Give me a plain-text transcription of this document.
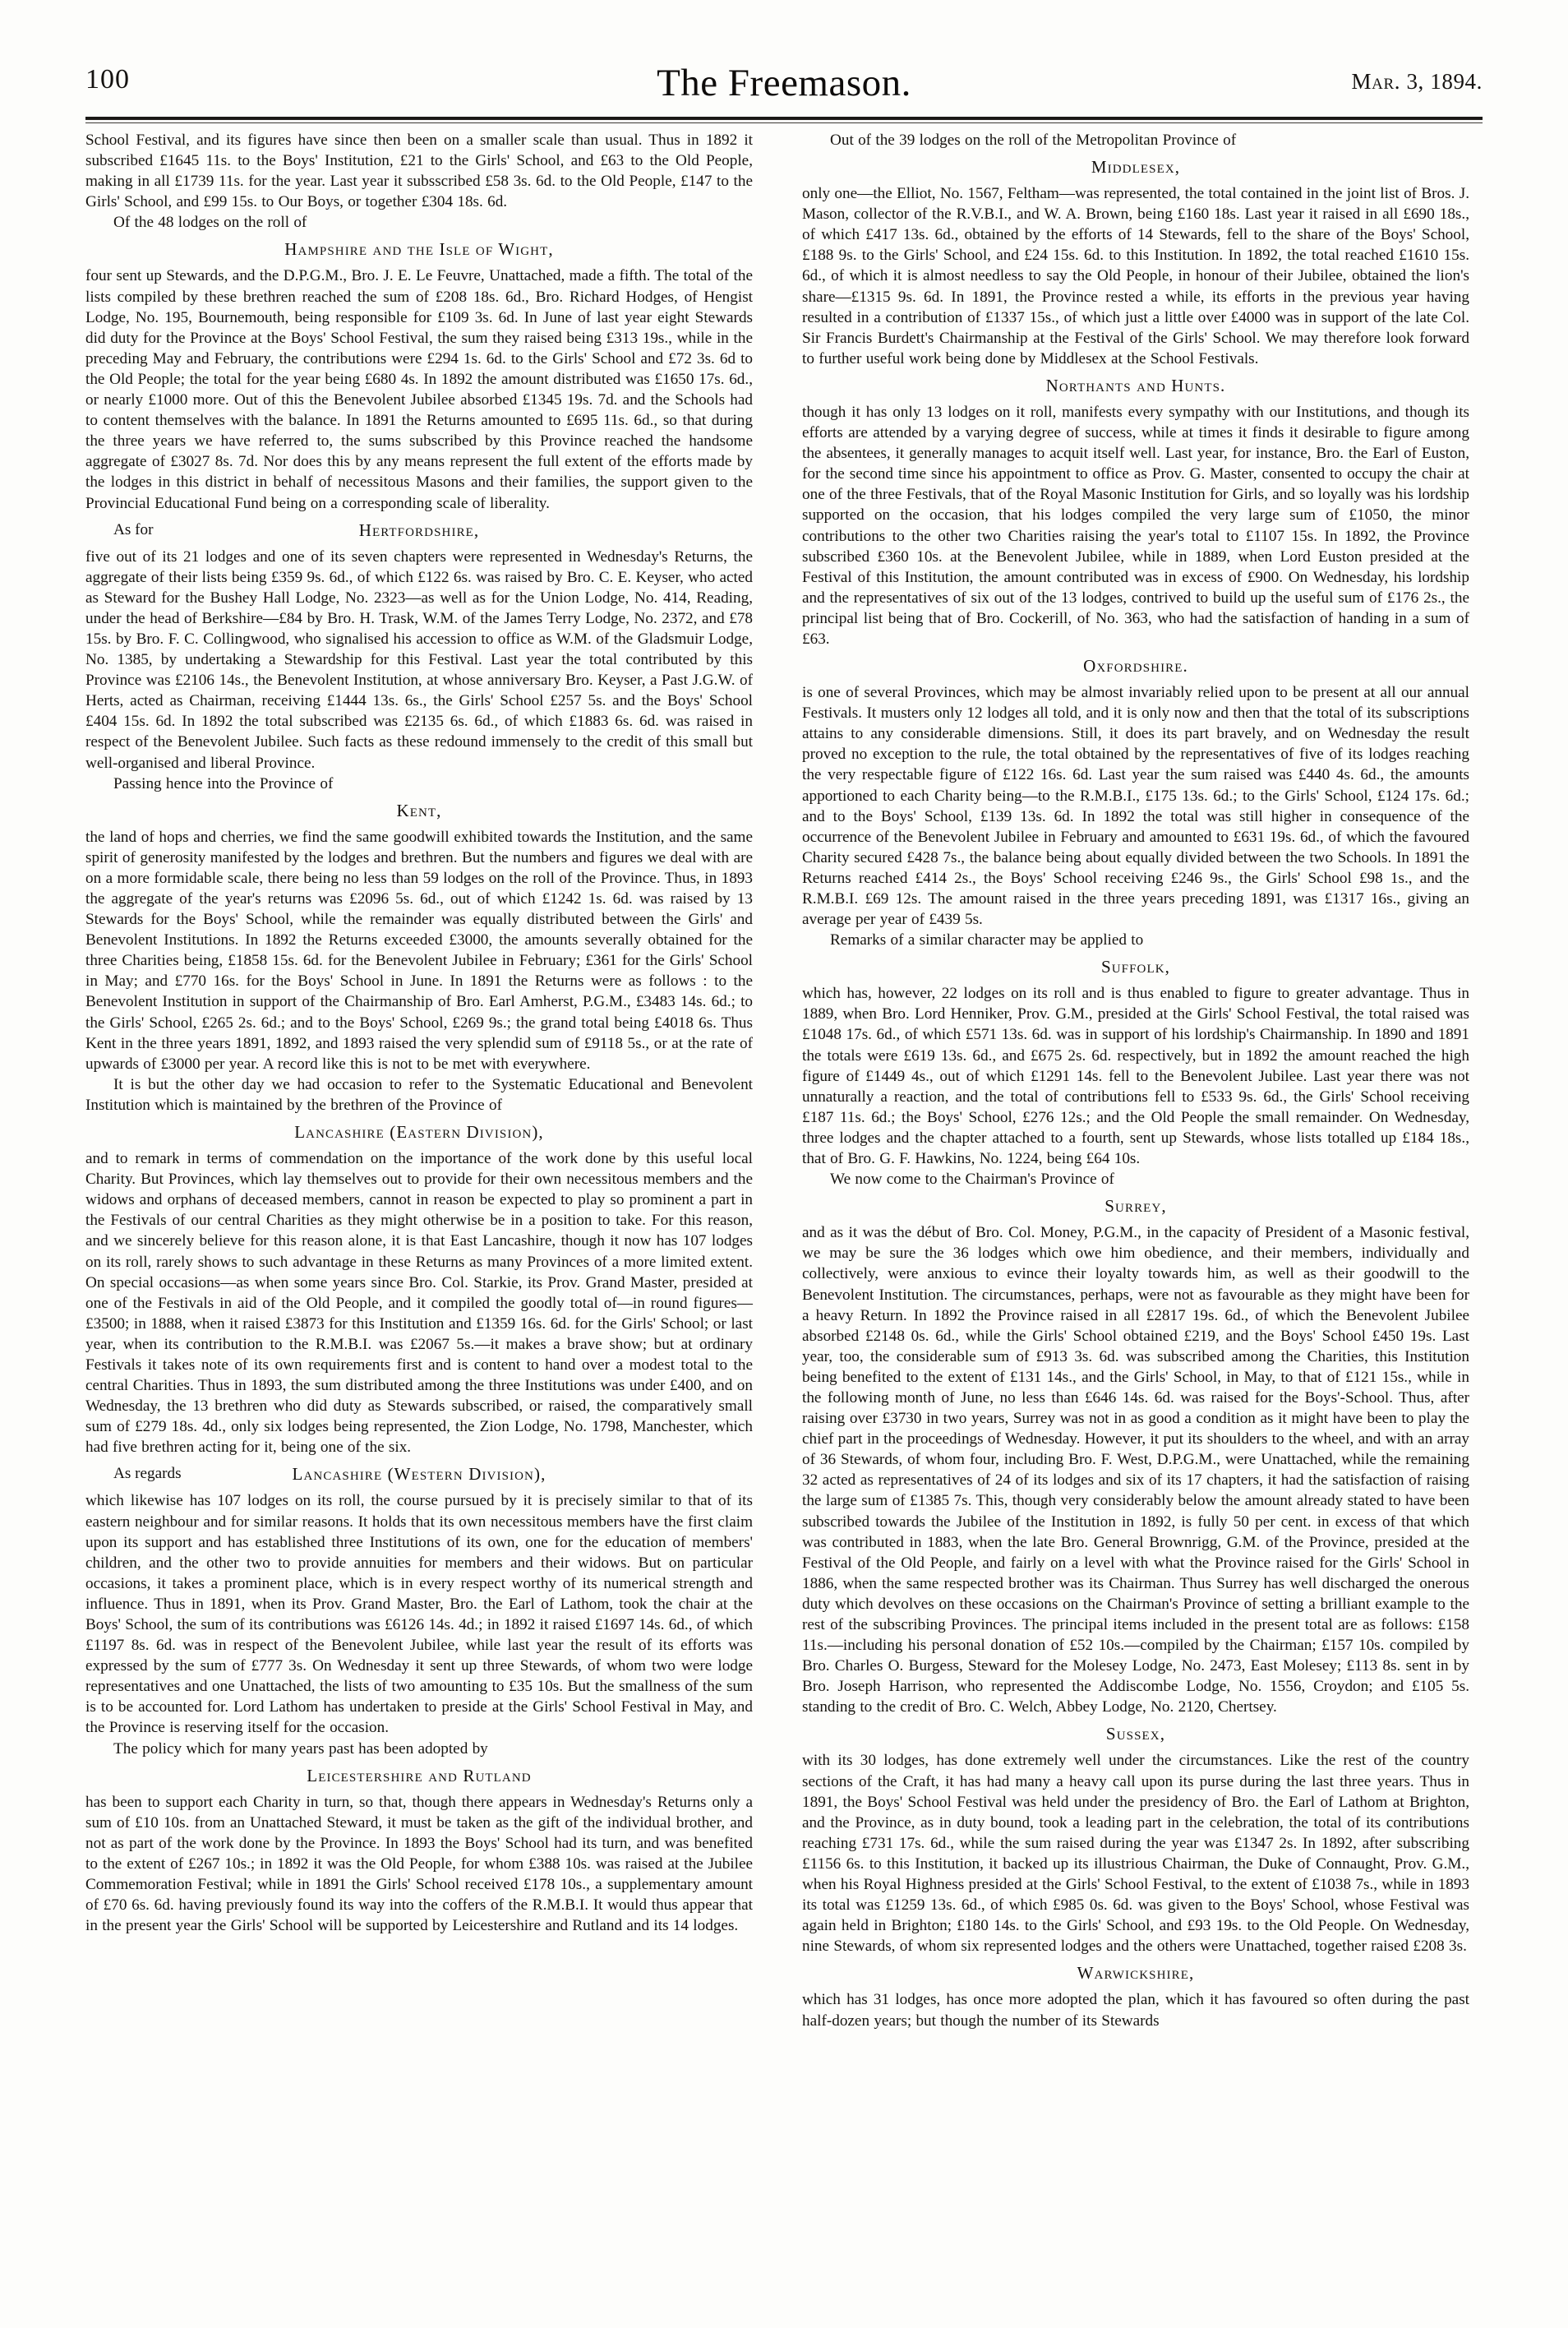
100	The Freemason.	Mar. 3, 1894.

School Festival, and its figures have since then been on a smaller scale than usual. Thus in 1892 it subscribed £1645 11s. to the Boys' Institution, £21 to the Girls' School, and £63 to the Old People, making in all £1739 11s. for the year. Last year it subsscribed £58 3s. 6d. to the Old People, £147 to the Girls' School, and £99 15s. to Our Boys, or together £304 18s. 6d.

Of the 48 lodges on the roll of

Hampshire and the Isle of Wight,

four sent up Stewards, and the D.P.G.M., Bro. J. E. Le Feuvre, Unattached, made a fifth. The total of the lists compiled by these brethren reached the sum of £208 18s. 6d., Bro. Richard Hodges, of Hengist Lodge, No. 195, Bournemouth, being responsible for £109 3s. 6d. In June of last year eight Stewards did duty for the Province at the Boys' School Festival, the sum they raised being £313 19s., while in the preceding May and February, the contributions were £294 1s. 6d. to the Girls' School and £72 3s. 6d to the Old People; the total for the year being £680 4s. In 1892 the amount distributed was £1650 17s. 6d., or nearly £1000 more. Out of this the Benevolent Jubilee absorbed £1345 19s. 7d. and the Schools had to content themselves with the balance. In 1891 the Returns amounted to £695 11s. 6d., so that during the three years we have referred to, the sums subscribed by this Province reached the handsome aggregate of £3027 8s. 7d. Nor does this by any means represent the full extent of the efforts made by the lodges in this district in behalf of necessitous Masons and their families, the support given to the Provincial Educational Fund being on a corresponding scale of liberality.

As for	Hertfordshire,

five out of its 21 lodges and one of its seven chapters were represented in Wednesday's Returns, the aggregate of their lists being £359 9s. 6d., of which £122 6s. was raised by Bro. C. E. Keyser, who acted as Steward for the Bushey Hall Lodge, No. 2323—as well as for the Union Lodge, No. 414, Reading, under the head of Berkshire—£84 by Bro. H. Trask, W.M. of the James Terry Lodge, No. 2372, and £78 15s. by Bro. F. C. Collingwood, who signalised his accession to office as W.M. of the Gladsmuir Lodge, No. 1385, by undertaking a Stewardship for this Festival. Last year the total contributed by this Province was £2106 14s., the Benevolent Institution, at whose anniversary Bro. Keyser, a Past J.G.W. of Herts, acted as Chairman, receiving £1444 13s. 6s., the Girls' School £257 5s. and the Boys' School £404 15s. 6d. In 1892 the total subscribed was £2135 6s. 6d., of which £1883 6s. 6d. was raised in respect of the Benevolent Jubilee. Such facts as these redound immensely to the credit of this small but well-organised and liberal Province.

Passing hence into the Province of

Kent,

the land of hops and cherries, we find the same goodwill exhibited towards the Institution, and the same spirit of generosity manifested by the lodges and brethren. But the numbers and figures we deal with are on a more formidable scale, there being no less than 59 lodges on the roll of the Province. Thus, in 1893 the aggregate of the year's returns was £2096 5s. 6d., out of which £1242 1s. 6d. was raised by 13 Stewards for the Boys' School, while the remainder was equally distributed between the Girls' and Benevolent Institutions. In 1892 the Returns exceeded £3000, the amounts severally obtained for the three Charities being, £1858 15s. 6d. for the Benevolent Jubilee in February; £361 for the Girls' School in May; and £770 16s. for the Boys' School in June. In 1891 the Returns were as follows : to the Benevolent Institution in support of the Chairmanship of Bro. Earl Amherst, P.G.M., £3483 14s. 6d.; to the Girls' School, £265 2s. 6d.; and to the Boys' School, £269 9s.; the grand total being £4018 6s. Thus Kent in the three years 1891, 1892, and 1893 raised the very splendid sum of £9118 5s., or at the rate of upwards of £3000 per year. A record like this is not to be met with everywhere.

It is but the other day we had occasion to refer to the Systematic Educational and Benevolent Institution which is maintained by the brethren of the Province of

Lancashire (Eastern Division),

and to remark in terms of commendation on the importance of the work done by this useful local Charity. But Provinces, which lay themselves out to provide for their own necessitous members and the widows and orphans of deceased members, cannot in reason be expected to play so prominent a part in the Festivals of our central Charities as they might otherwise be in a position to take. For this reason, and we sincerely believe for this reason alone, it is that East Lancashire, though it now has 107 lodges on its roll, rarely shows to such advantage in these Returns as many Provinces of a more limited extent. On special occasions—as when some years since Bro. Col. Starkie, its Prov. Grand Master, presided at one of the Festivals in aid of the Old People, and it compiled the goodly total of—in round figures—£3500; in 1888, when it raised £3873 for this Institution and £1359 16s. 6d. for the Girls' School; or last year, when its contribution to the R.M.B.I. was £2067 5s.—it makes a brave show; but at ordinary Festivals it takes note of its own requirements first and is content to hand over a modest total to the central Charities. Thus in 1893, the sum distributed among the three Institutions was under £400, and on Wednesday, the 13 brethren who did duty as Stewards subscribed, or raised, the comparatively small sum of £279 18s. 4d., only six lodges being represented, the Zion Lodge, No. 1798, Manchester, which had five brethren acting for it, being one of the six.

As regards	Lancashire (Western Division),

which likewise has 107 lodges on its roll, the course pursued by it is precisely similar to that of its eastern neighbour and for similar reasons. It holds that its own necessitous members have the first claim upon its support and has established three Institutions of its own, one for the education of members' children, and the other two to provide annuities for members and their widows. But on particular occasions, it takes a prominent place, which is in every respect worthy of its numerical strength and influence. Thus in 1891, when its Prov. Grand Master, Bro. the Earl of Lathom, took the chair at the Boys' School, the sum of its contributions was £6126 14s. 4d.; in 1892 it raised £1697 14s. 6d., of which £1197 8s. 6d. was in respect of the Benevolent Jubilee, while last year the result of its efforts was expressed by the sum of £777 3s. On Wednesday it sent up three Stewards, of whom two were lodge representatives and one Unattached, the lists of two amounting to £35 10s. But the smallness of the sum is to be accounted for. Lord Lathom has undertaken to preside at the Girls' School Festival in May, and the Province is reserving itself for the occasion.

The policy which for many years past has been adopted by

Leicestershire and Rutland

has been to support each Charity in turn, so that, though there appears in Wednesday's Returns only a sum of £10 10s. from an Unattached Steward, it must be taken as the gift of the individual brother, and not as part of the work done by the Province. In 1893 the Boys' School had its turn, and was benefited to the extent of £267 10s.; in 1892 it was the Old People, for whom £388 10s. was raised at the Jubilee Commemoration Festival; while in 1891 the Girls' School received £178 10s., a supplementary amount of £70 6s. 6d. having previously found its way into the coffers of the R.M.B.I. It would thus appear that in the present year the Girls' School will be supported by Leicestershire and Rutland and its 14 lodges.

Out of the 39 lodges on the roll of the Metropolitan Province of

Middlesex,

only one—the Elliot, No. 1567, Feltham—was represented, the total contained in the joint list of Bros. J. Mason, collector of the R.V.B.I., and W. A. Brown, being £160 18s. Last year it raised in all £690 18s., of which £417 13s. 6d., obtained by the efforts of 14 Stewards, fell to the share of the Boys' School, £188 9s. to the Girls' School, and £24 15s. 6d. to this Institution. In 1892, the total reached £1610 15s. 6d., of which it is almost needless to say the Old People, in honour of their Jubilee, obtained the lion's share—£1315 9s. 6d. In 1891, the Province rested a while, its efforts in the previous year having resulted in a contribution of £1337 15s., of which just a little over £4000 was in support of the late Col. Sir Francis Burdett's Chairmanship at the Festival of the Girls' School. We may therefore look forward to further useful work being done by Middlesex at the School Festivals.

Northants and Hunts.

though it has only 13 lodges on it roll, manifests every sympathy with our Institutions, and though its efforts are attended by a varying degree of success, while at times it finds it desirable to figure among the absentees, it generally manages to acquit itself well. Last year, for instance, Bro. the Earl of Euston, for the second time since his appointment to office as Prov. G. Master, consented to occupy the chair at one of the three Festivals, that of the Royal Masonic Institution for Girls, and so loyally was his lordship supported on the occasion, that his lodges compiled the very large sum of £1050, the minor contributions to the other two Charities raising the year's total to £1107 15s. In 1892, the Province subscribed £360 10s. at the Benevolent Jubilee, while in 1889, when Lord Euston presided at the Festival of this Institution, the amount contributed was in excess of £900. On Wednesday, his lordship and the representatives of six out of the 13 lodges, contrived to build up the useful sum of £176 2s., the principal list being that of Bro. Cockerill, of No. 363, who had the satisfaction of handing in a sum of £63.

Oxfordshire.

is one of several Provinces, which may be almost invariably relied upon to be present at all our annual Festivals. It musters only 12 lodges all told, and it is only now and then that the total of its subscriptions attains to any considerable dimensions. Still, it does its part bravely, and on Wednesday the result proved no exception to the rule, the total obtained by the representatives of five of its lodges reaching the very respectable figure of £122 16s. 6d. Last year the sum raised was £440 4s. 6d., the amounts apportioned to each Charity being—to the R.M.B.I., £175 13s. 6d.; to the Girls' School, £124 17s. 6d.; and to the Boys' School, £139 13s. 6d. In 1892 the total was still higher in consequence of the occurrence of the Benevolent Jubilee in February and amounted to £631 19s. 6d., of which the favoured Charity secured £428 7s., the balance being about equally divided between the two Schools. In 1891 the Returns reached £414 2s., the Boys' School receiving £246 9s., the Girls' School £98 1s., and the R.M.B.I. £69 12s. The amount raised in the three years preceding 1891, was £1317 16s., giving an average per year of £439 5s.

Remarks of a similar character may be applied to

Suffolk,

which has, however, 22 lodges on its roll and is thus enabled to figure to greater advantage. Thus in 1889, when Bro. Lord Henniker, Prov. G.M., presided at the Girls' School Festival, the total raised was £1048 17s. 6d., of which £571 13s. 6d. was in support of his lordship's Chairmanship. In 1890 and 1891 the totals were £619 13s. 6d., and £675 2s. 6d. respectively, but in 1892 the amount reached the high figure of £1449 4s., out of which £1291 14s. fell to the Benevolent Jubilee. Last year there was not unnaturally a reaction, and the total of contributions fell to £533 9s. 6d., the Girls' School receiving £187 11s. 6d.; the Boys' School, £276 12s.; and the Old People the small remainder. On Wednesday, three lodges and the chapter attached to a fourth, sent up Stewards, whose lists totalled up £184 18s., that of Bro. G. F. Hawkins, No. 1224, being £64 10s.

We now come to the Chairman's Province of

Surrey,

and as it was the début of Bro. Col. Money, P.G.M., in the capacity of President of a Masonic festival, we may be sure the 36 lodges which owe him obedience, and their members, individually and collectively, were anxious to evince their loyalty towards him, as well as their goodwill to the Benevolent Institution. The circumstances, perhaps, were not as favourable as they might have been for a heavy Return. In 1892 the Province raised in all £2817 19s. 6d., of which the Benevolent Jubilee absorbed £2148 0s. 6d., while the Girls' School obtained £219, and the Boys' School £450 19s. Last year, too, the considerable sum of £913 3s. 6d. was subscribed among the Charities, this Institution being benefited to the extent of £131 14s., and the Girls' School, in May, to that of £121 15s., while in the following month of June, no less than £646 14s. 6d. was raised for the Boys'-School. Thus, after raising over £3730 in two years, Surrey was not in as good a condition as it might have been to play the chief part in the proceedings of Wednesday. However, it put its shoulders to the wheel, and with an array of 36 Stewards, of whom four, including Bro. F. West, D.P.G.M., were Unattached, while the remaining 32 acted as representatives of 24 of its lodges and six of its 17 chapters, it had the satisfaction of raising the large sum of £1385 7s. This, though very considerably below the amount already stated to have been subscribed towards the Jubilee of the Institution in 1892, is fully 50 per cent. in excess of that which was contributed in 1883, when the late Bro. General Brownrigg, G.M. of the Province, presided at the Festival of the Old People, and fairly on a level with what the Province raised for the Girls' School in 1886, when the same respected brother was its Chairman. Thus Surrey has well discharged the onerous duty which devolves on these occasions on the Chairman's Province of setting a brilliant example to the rest of the subscribing Provinces. The principal items included in the present total are as follows: £158 11s.—including his personal donation of £52 10s.—compiled by the Chairman; £157 10s. compiled by Bro. Charles O. Burgess, Steward for the Molesey Lodge, No. 2473, East Molesey; £113 8s. sent in by Bro. Joseph Harrison, who represented the Addiscombe Lodge, No. 1556, Croydon; and £105 5s. standing to the credit of Bro. C. Welch, Abbey Lodge, No. 2120, Chertsey.

Sussex,

with its 30 lodges, has done extremely well under the circumstances. Like the rest of the country sections of the Craft, it has had many a heavy call upon its purse during the last three years. Thus in 1891, the Boys' School Festival was held under the presidency of Bro. the Earl of Lathom at Brighton, and the Province, as in duty bound, took a leading part in the celebration, the total of its contributions reaching £731 17s. 6d., while the sum raised during the year was £1347 2s. In 1892, after subscribing £1156 6s. to this Institution, it backed up its illustrious Chairman, the Duke of Connaught, Prov. G.M., when his Royal Highness presided at the Girls' School Festival, to the extent of £1038 7s., while in 1893 its total was £1259 13s. 6d., of which £985 0s. 6d. was given to the Boys' School, whose Festival was again held in Brighton; £180 14s. to the Girls' School, and £93 19s. to the Old People. On Wednesday, nine Stewards, of whom six represented lodges and the others were Unattached, together raised £208 3s.

Warwickshire,

which has 31 lodges, has once more adopted the plan, which it has favoured so often during the past half-dozen years; but though the number of its Stewards
